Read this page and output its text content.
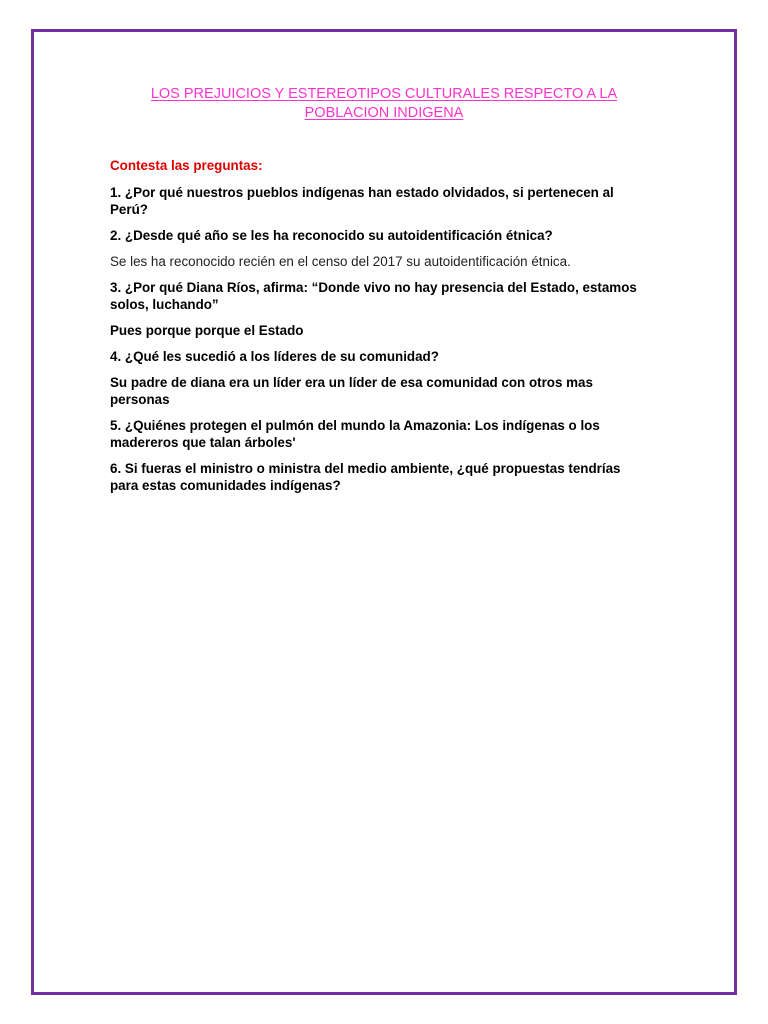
LOS PREJUICIOS Y ESTEREOTIPOS CULTURALES RESPECTO A LA
POBLACION INDIGENA

Contesta las preguntas:

1. ¿Por qué nuestros pueblos indígenas han estado olvidados, si pertenecen al Perú?

2. ¿Desde qué año se les ha reconocido su autoidentificación étnica?

Se les ha reconocido recién en el censo del 2017 su autoidentificación étnica.

3. ¿Por qué Diana Ríos, afirma: “Donde vivo no hay presencia del Estado, estamos solos, luchando”

Pues porque porque el Estado

4. ¿Qué les sucedió a los líderes de su comunidad?

Su padre de diana era un líder era un líder de esa comunidad con otros mas personas

5. ¿Quiénes protegen el pulmón del mundo la Amazonia: Los indígenas o los madereros que talan árboles'

6. Si fueras el ministro o ministra del medio ambiente, ¿qué propuestas tendrías para estas comunidades indígenas?
